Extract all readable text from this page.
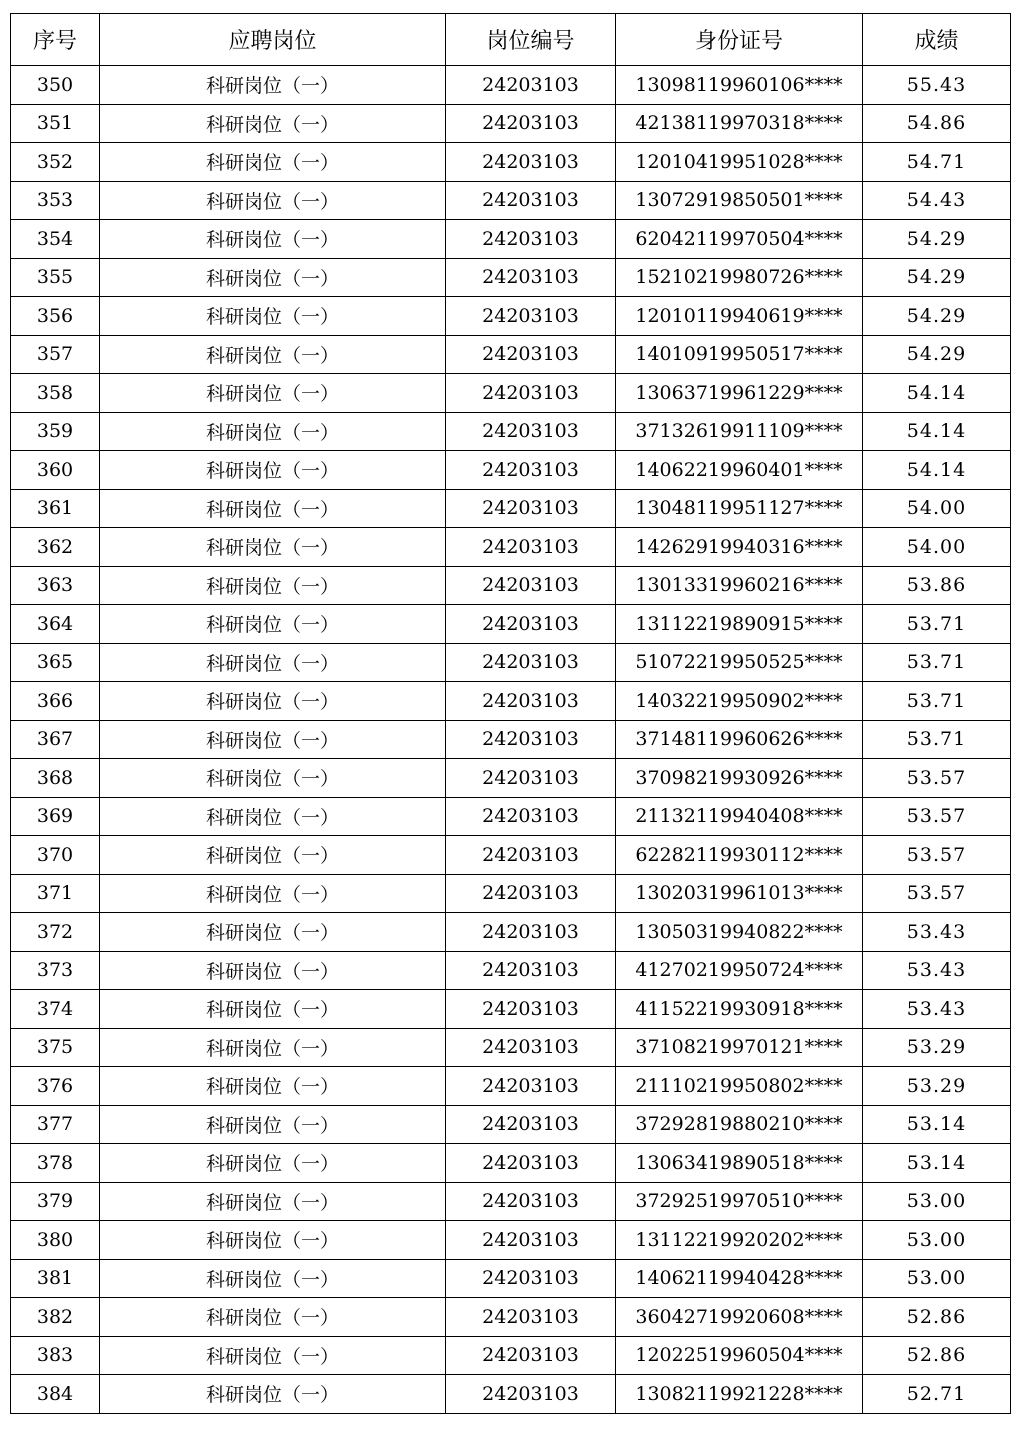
序号	应聘岗位	岗位编号	身份证号	成绩
350	科研岗位（一）	24203103	13098119960106****	55.43
351	科研岗位（一）	24203103	42138119970318****	54.86
352	科研岗位（一）	24203103	12010419951028****	54.71
353	科研岗位（一）	24203103	13072919850501****	54.43
354	科研岗位（一）	24203103	62042119970504****	54.29
355	科研岗位（一）	24203103	15210219980726****	54.29
356	科研岗位（一）	24203103	12010119940619****	54.29
357	科研岗位（一）	24203103	14010919950517****	54.29
358	科研岗位（一）	24203103	13063719961229****	54.14
359	科研岗位（一）	24203103	37132619911109****	54.14
360	科研岗位（一）	24203103	14062219960401****	54.14
361	科研岗位（一）	24203103	13048119951127****	54.00
362	科研岗位（一）	24203103	14262919940316****	54.00
363	科研岗位（一）	24203103	13013319960216****	53.86
364	科研岗位（一）	24203103	13112219890915****	53.71
365	科研岗位（一）	24203103	51072219950525****	53.71
366	科研岗位（一）	24203103	14032219950902****	53.71
367	科研岗位（一）	24203103	37148119960626****	53.71
368	科研岗位（一）	24203103	37098219930926****	53.57
369	科研岗位（一）	24203103	21132119940408****	53.57
370	科研岗位（一）	24203103	62282119930112****	53.57
371	科研岗位（一）	24203103	13020319961013****	53.57
372	科研岗位（一）	24203103	13050319940822****	53.43
373	科研岗位（一）	24203103	41270219950724****	53.43
374	科研岗位（一）	24203103	41152219930918****	53.43
375	科研岗位（一）	24203103	37108219970121****	53.29
376	科研岗位（一）	24203103	21110219950802****	53.29
377	科研岗位（一）	24203103	37292819880210****	53.14
378	科研岗位（一）	24203103	13063419890518****	53.14
379	科研岗位（一）	24203103	37292519970510****	53.00
380	科研岗位（一）	24203103	13112219920202****	53.00
381	科研岗位（一）	24203103	14062119940428****	53.00
382	科研岗位（一）	24203103	36042719920608****	52.86
383	科研岗位（一）	24203103	12022519960504****	52.86
384	科研岗位（一）	24203103	13082119921228****	52.71
